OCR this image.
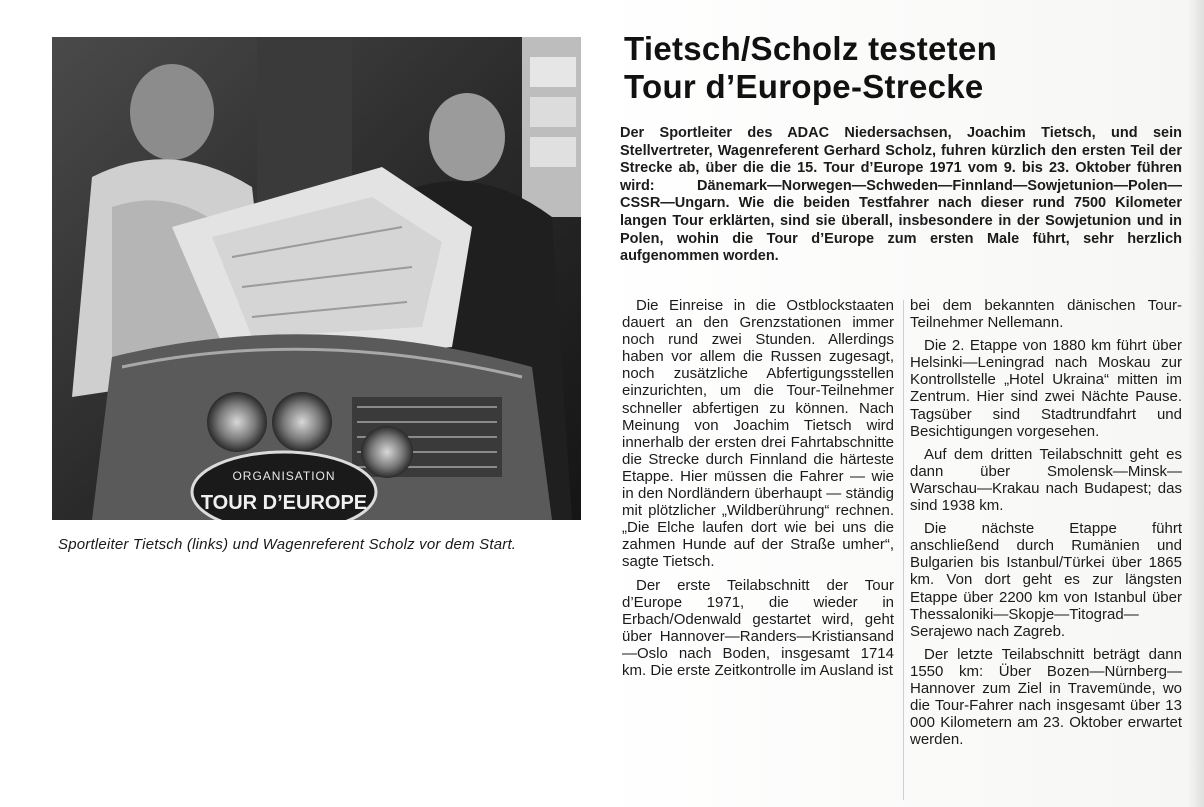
ORGANISATION
TOUR D’EUROPE
Sportleiter Tietsch (links) und Wagenreferent Scholz vor dem Start.
Tietsch/Scholz testeten
Tour d’Europe-Strecke
Der Sportleiter des ADAC Niedersachsen, Joachim Tietsch, und sein Stellvertreter, Wagenreferent Gerhard Scholz, fuhren kürzlich den ersten Teil der Strecke ab, über die die 15. Tour d’Europe 1971 vom 9. bis 23. Oktober führen wird: Dänemark—Norwegen—Schweden—Finnland—Sowjetunion—Polen—CSSR—Ungarn. Wie die beiden Testfahrer nach dieser rund 7500 Kilometer langen Tour erklärten, sind sie überall, insbesondere in der Sowjetunion und in Polen, wohin die Tour d’Europe zum ersten Male führt, sehr herzlich aufgenommen worden.

Die Einreise in die Ostblockstaaten dauert an den Grenzstationen immer noch rund zwei Stunden. Allerdings haben vor allem die Russen zugesagt, noch zusätzliche Abfertigungsstellen einzurichten, um die Tour-Teilnehmer schneller abfertigen zu können. Nach Meinung von Joachim Tietsch wird innerhalb der ersten drei Fahrtabschnitte die Strecke durch Finnland die härteste Etappe. Hier müssen die Fahrer — wie in den Nordländern überhaupt — ständig mit plötzlicher „Wildberührung“ rechnen. „Die Elche laufen dort wie bei uns die zahmen Hunde auf der Straße umher“, sagte Tietsch.

Der erste Teilabschnitt der Tour d’Europe 1971, die wieder in Erbach/Odenwald gestartet wird, geht über Hannover—Randers—Kristiansand—Oslo nach Boden, insgesamt 1714 km. Die erste Zeitkontrolle im Ausland ist

bei dem bekannten dänischen Tour-Teilnehmer Nellemann.

Die 2. Etappe von 1880 km führt über Helsinki—Leningrad nach Moskau zur Kontrollstelle „Hotel Ukraina“ mitten im Zentrum. Hier sind zwei Nächte Pause. Tagsüber sind Stadtrundfahrt und Besichtigungen vorgesehen.

Auf dem dritten Teilabschnitt geht es dann über Smolensk—Minsk—Warschau—Krakau nach Budapest; das sind 1938 km.

Die nächste Etappe führt anschließend durch Rumänien und Bulgarien bis Istanbul/Türkei über 1865 km. Von dort geht es zur längsten Etappe über 2200 km von Istanbul über Thessaloniki—Skopje—Titograd—Serajewo nach Zagreb.

Der letzte Teilabschnitt beträgt dann 1550 km: Über Bozen—Nürnberg—Hannover zum Ziel in Travemünde, wo die Tour-Fahrer nach insgesamt über 13 000 Kilometern am 23. Oktober erwartet werden.
